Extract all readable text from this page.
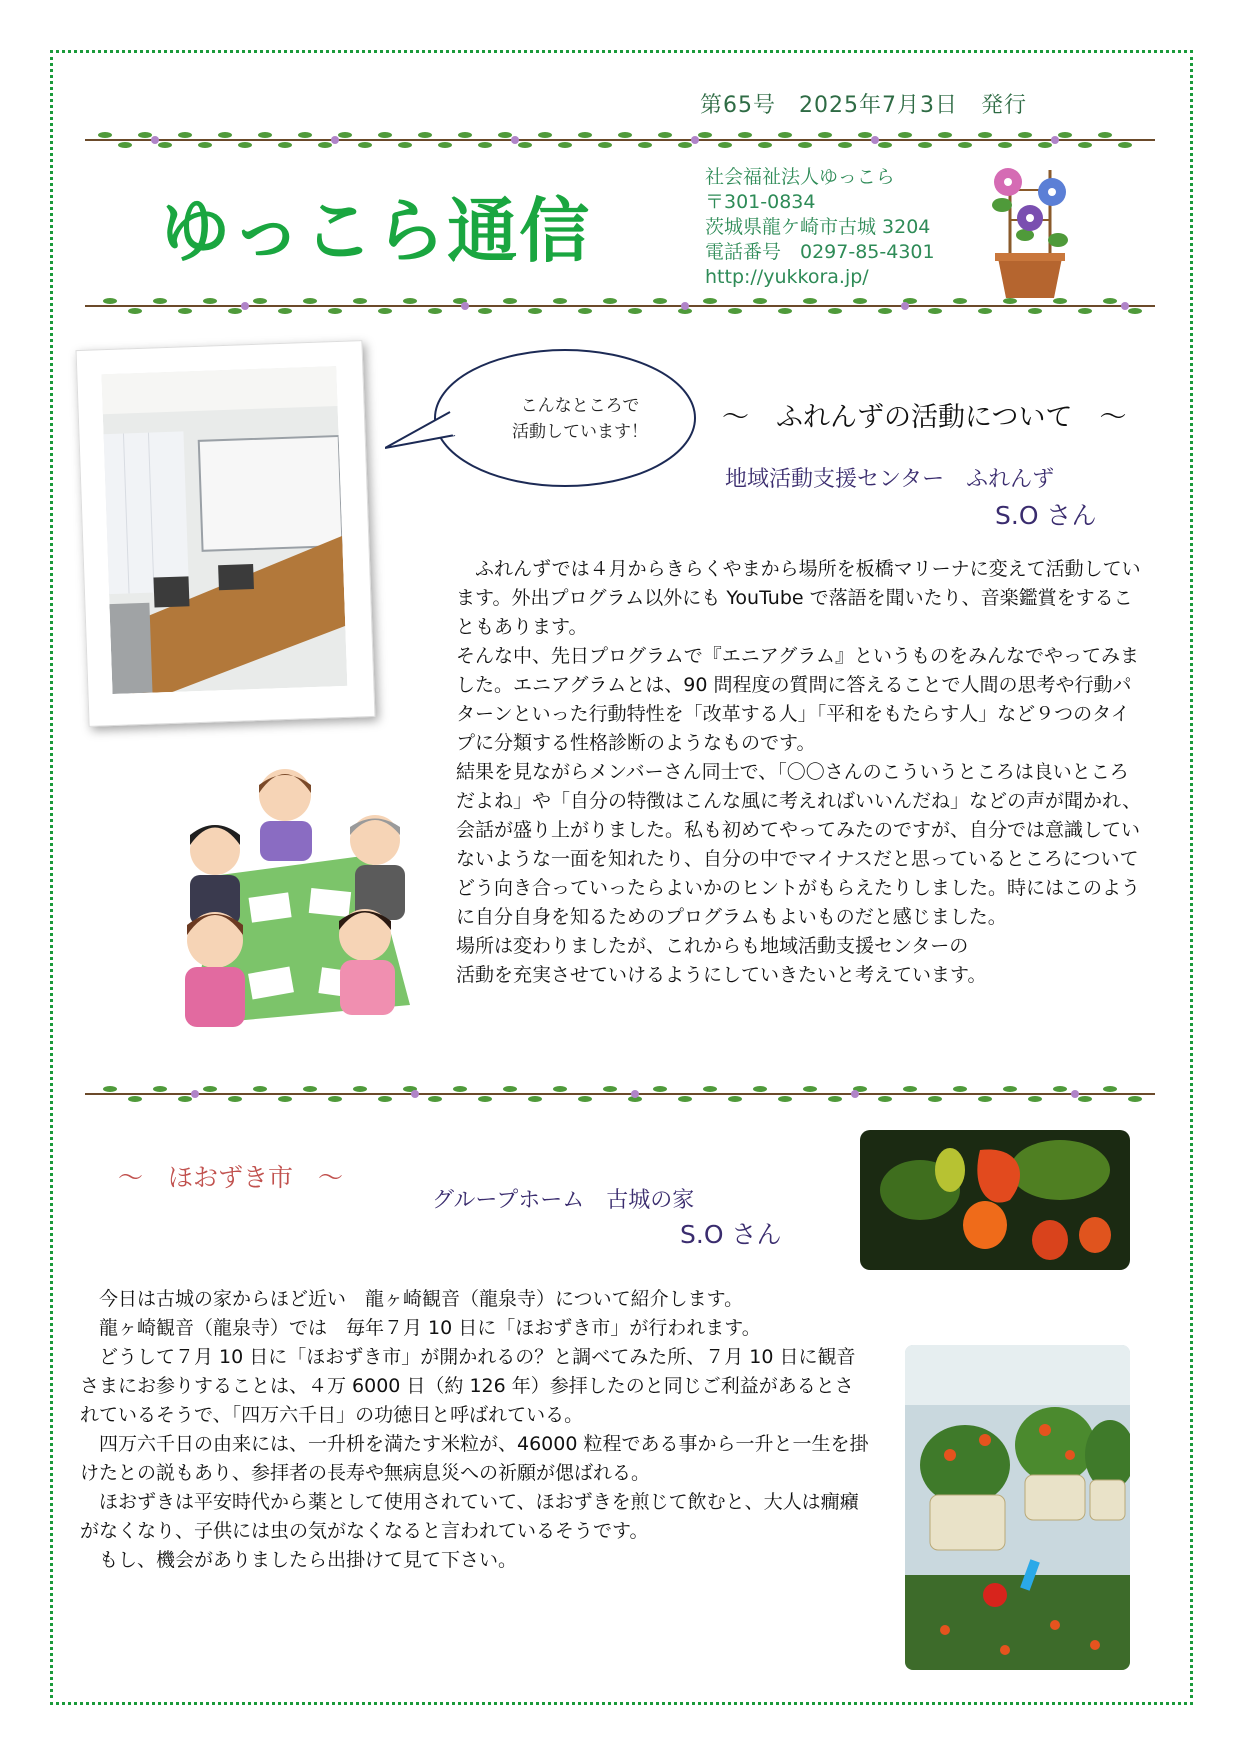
第65号　2025年7月3日　発行
ゆっこら通信
社会福祉法人ゆっこら
〒301-0834
茨城県龍ケ崎市古城 3204
電話番号　0297-85-4301
http://yukkora.jp/
こんなところで
活動しています！	～　ふれんずの活動について　～
地域活動支援センター　ふれんず
S.O さん

　ふれんずでは４月からきらくやまから場所を板橋マリーナに変えて活動しています。外出プログラム以外にも YouTube で落語を聞いたり、音楽鑑賞をすることもあります。

そんな中、先日プログラムで『エニアグラム』というものをみんなでやってみました。エニアグラムとは、90 問程度の質問に答えることで人間の思考や行動パターンといった行動特性を「改革する人」「平和をもたらす人」など９つのタイプに分類する性格診断のようなものです。

結果を見ながらメンバーさん同士で、「〇〇さんのこういうところは良いところだよね」や「自分の特徴はこんな風に考えればいいんだね」などの声が聞かれ、会話が盛り上がりました。私も初めてやってみたのですが、自分では意識していないような一面を知れたり、自分の中でマイナスだと思っているところについてどう向き合っていったらよいかのヒントがもらえたりしました。時にはこのように自分自身を知るためのプログラムもよいものだと感じました。

場所は変わりましたが、これからも地域活動支援センターの

活動を充実させていけるようにしていきたいと考えています。

～　ほおずき市　～
グループホーム　古城の家
S.O さん

　今日は古城の家からほど近い　龍ヶ崎観音（龍泉寺）について紹介します。

　龍ヶ崎観音（龍泉寺）では　毎年７月 10 日に「ほおずき市」が行われます。

　どうして７月 10 日に「ほおずき市」が開かれるの？と調べてみた所、７月 10 日に観音さまにお参りすることは、４万 6000 日（約 126 年）参拝したのと同じご利益があるとされているそうで、「四万六千日」の功徳日と呼ばれている。

　四万六千日の由来には、一升枡を満たす米粒が、46000 粒程である事から一升と一生を掛けたとの説もあり、参拝者の長寿や無病息災への祈願が偲ばれる。

　ほおずきは平安時代から薬として使用されていて、ほおずきを煎じて飲むと、大人は癇癪がなくなり、子供には虫の気がなくなると言われているそうです。

　もし、機会がありましたら出掛けて見て下さい。
